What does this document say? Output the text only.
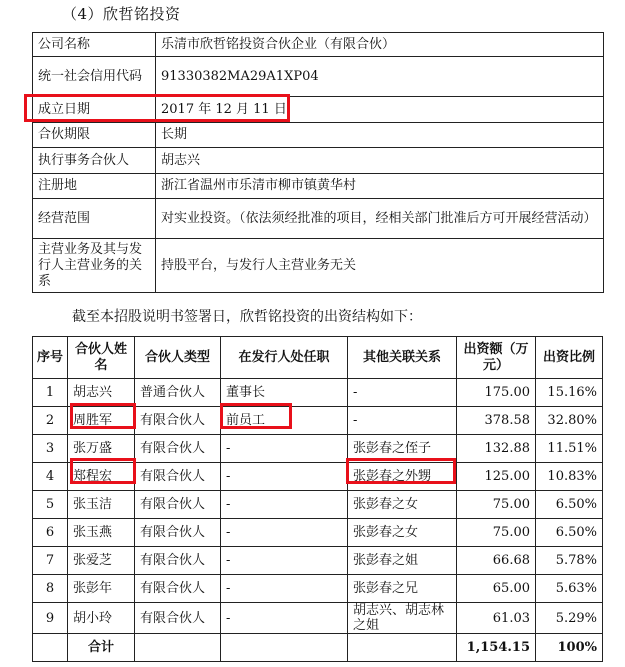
（4）欣哲铭投资
公司名称	乐清市欣哲铭投资合伙企业（有限合伙）
统一社会信用代码	91330382MA29A1XP04
成立日期	2017 年 12 月 11 日
合伙期限	长期
执行事务合伙人	胡志兴
注册地	浙江省温州市乐清市柳市镇黄华村
经营范围	对实业投资。（依法须经批准的项目，经相关部门批准后方可开展经营活动）
主营业务及其与发行人主营业务的关系	持股平台，与发行人主营业务无关
截至本招股说明书签署日，欣哲铭投资的出资结构如下：
序号	合伙人姓名	合伙人类型	在发行人处任职	其他关联关系	出资额（万元）	出资比例
1	胡志兴	普通合伙人	董事长	-	175.00	15.16%
2	周胜军	有限合伙人	前员工	-	378.58	32.80%
3	张万盛	有限合伙人	-	张彭春之侄子	132.88	11.51%
4	郑程宏	有限合伙人	-	张彭春之外甥	125.00	10.83%
5	张玉洁	有限合伙人	-	张彭春之女	75.00	6.50%
6	张玉燕	有限合伙人	-	张彭春之女	75.00	6.50%
7	张爱芝	有限合伙人	-	张彭春之姐	66.68	5.78%
8	张彭年	有限合伙人	-	张彭春之兄	65.00	5.63%
9	胡小玲	有限合伙人	-	胡志兴、胡志林之姐	61.03	5.29%
	合计				1,154.15	100%
